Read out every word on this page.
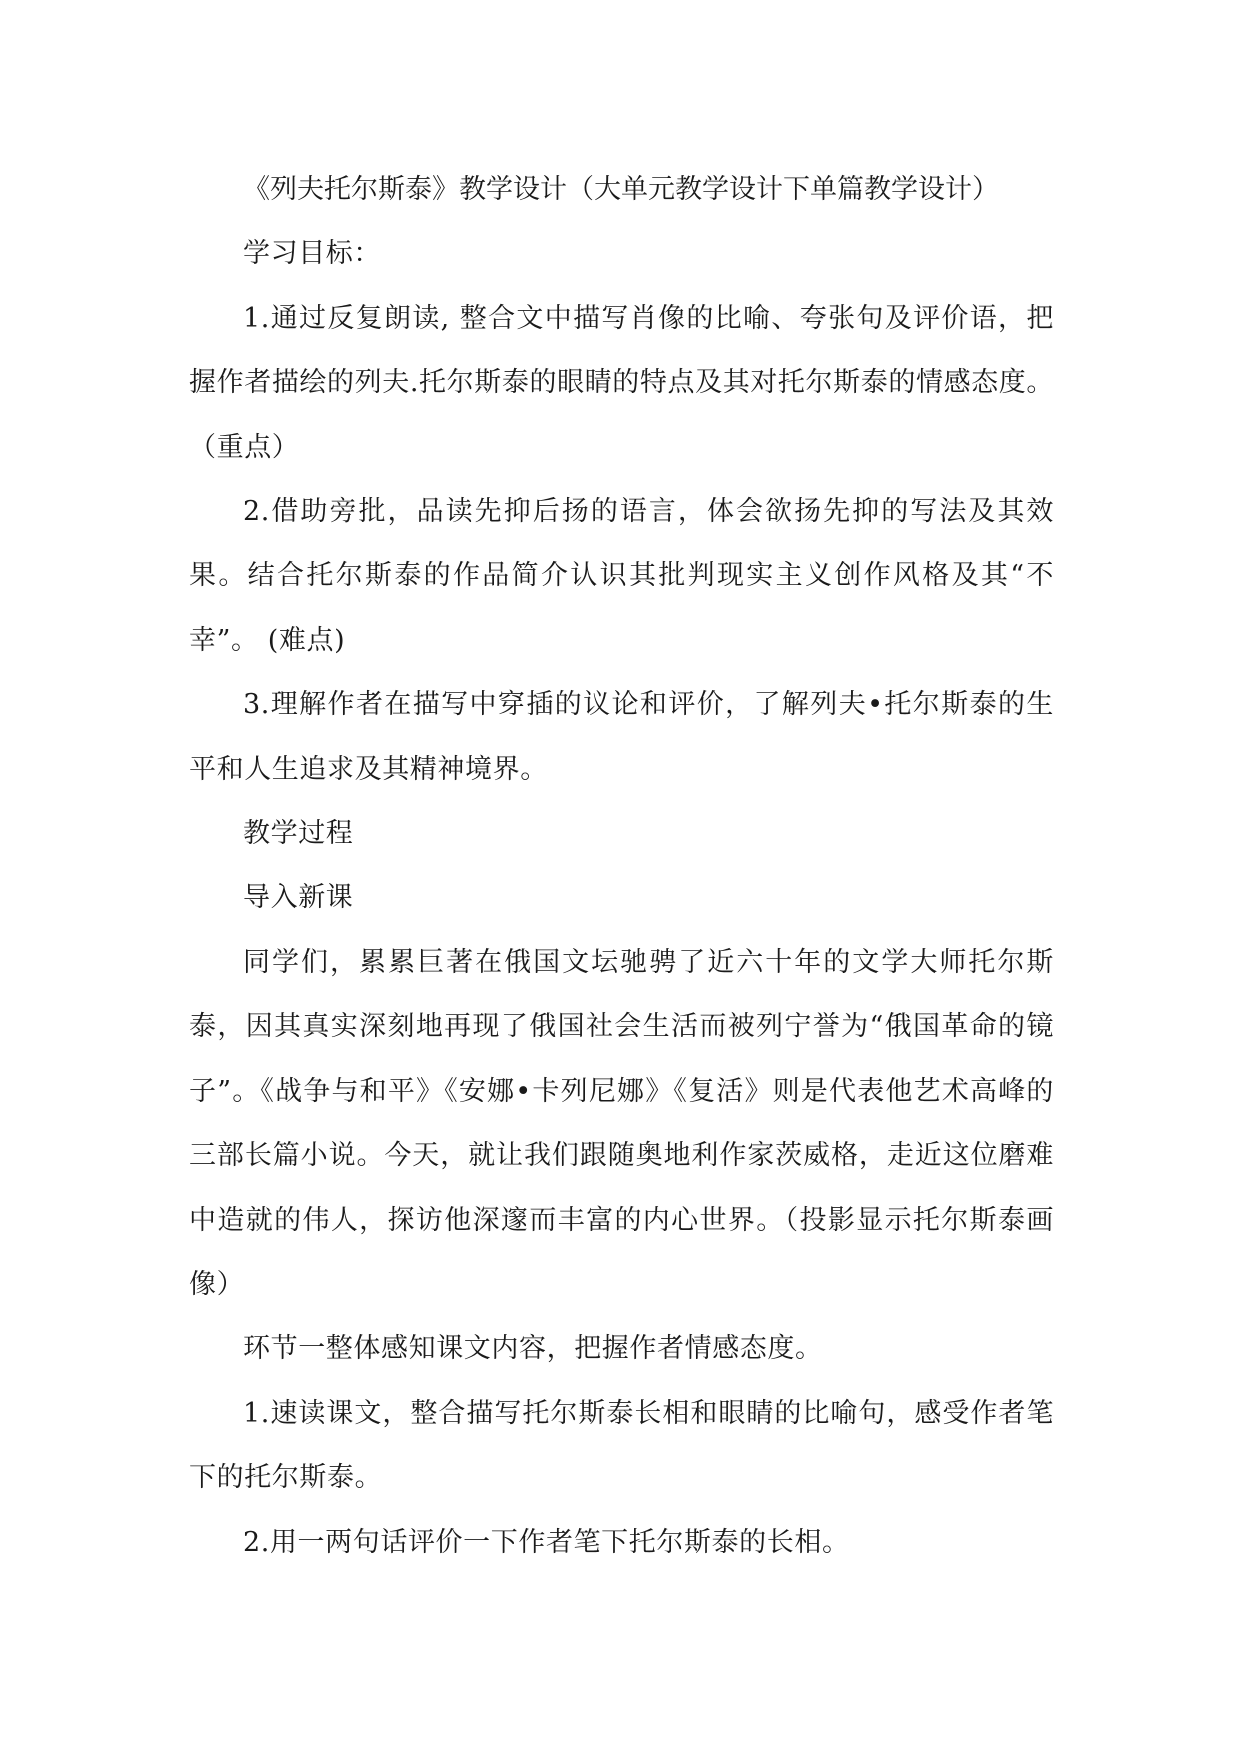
《列夫托尔斯泰》教学设计（大单元教学设计下单篇教学设计）

学习目标：

1.通过反复朗读, 整合文中描写肖像的比喻、夸张句及评价语，把握作者描绘的列夫.托尔斯泰的眼睛的特点及其对托尔斯泰的情感态度。（重点）

2.借助旁批，品读先抑后扬的语言，体会欲扬先抑的写法及其效果。结合托尔斯泰的作品简介认识其批判现实主义创作风格及其“不幸”。 (难点)

3.理解作者在描写中穿插的议论和评价，了解列夫•托尔斯泰的生平和人生追求及其精神境界。

教学过程

导入新课

同学们，累累巨著在俄国文坛驰骋了近六十年的文学大师托尔斯泰，因其真实深刻地再现了俄国社会生活而被列宁誉为“俄国革命的镜子”。《战争与和平》《安娜•卡列尼娜》《复活》则是代表他艺术高峰的三部长篇小说。今天，就让我们跟随奥地利作家茨威格，走近这位磨难中造就的伟人，探访他深邃而丰富的内心世界。（投影显示托尔斯泰画像）

环节一整体感知课文内容，把握作者情感态度。

1.速读课文，整合描写托尔斯泰长相和眼睛的比喻句，感受作者笔下的托尔斯泰。

2.用一两句话评价一下作者笔下托尔斯泰的长相。
